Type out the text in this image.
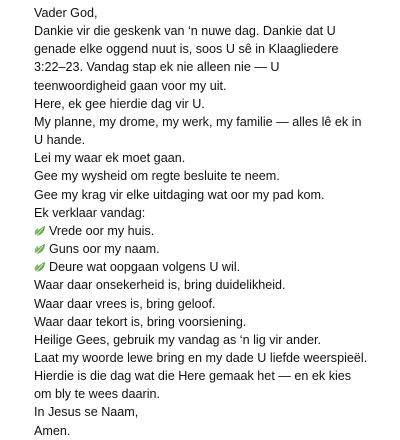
Vader God,
Dankie vir die geskenk van ‘n nuwe dag. Dankie dat U
genade elke oggend nuut is, soos U sê in Klaagliedere
3:22–23. Vandag stap ek nie alleen nie — U
teenwoordigheid gaan voor my uit.
Here, ek gee hierdie dag vir U.
My planne, my drome, my werk, my familie — alles lê ek in
U hande.
Lei my waar ek moet gaan.
Gee my wysheid om regte besluite te neem.
Gee my krag vir elke uitdaging wat oor my pad kom.
Ek verklaar vandag:
Vrede oor my huis.
Guns oor my naam.
Deure wat oopgaan volgens U wil.
Waar daar onsekerheid is, bring duidelikheid.
Waar daar vrees is, bring geloof.
Waar daar tekort is, bring voorsiening.
Heilige Gees, gebruik my vandag as ‘n lig vir ander.
Laat my woorde lewe bring en my dade U liefde weerspieël.
Hierdie is die dag wat die Here gemaak het — en ek kies
om bly te wees daarin.
In Jesus se Naam,
Amen.
